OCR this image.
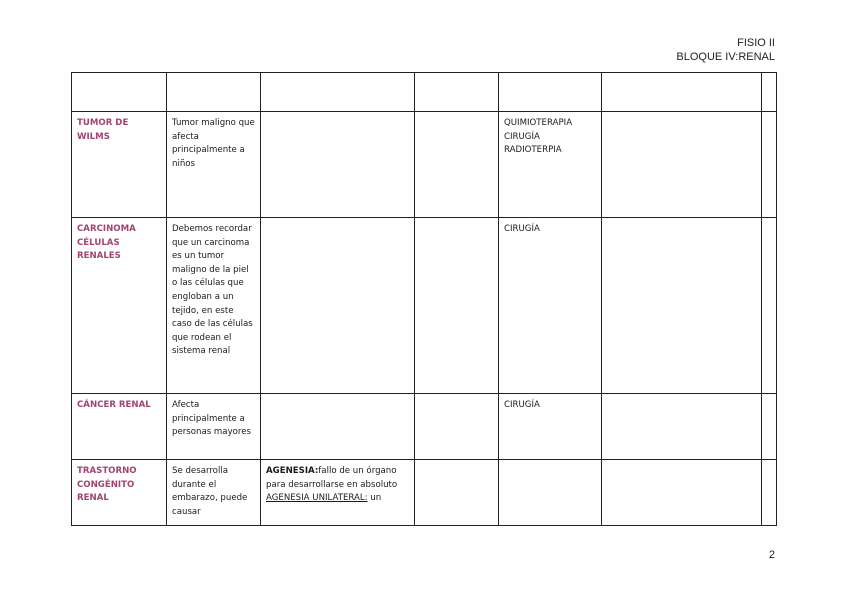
FISIO II
BLOQUE IV:RENAL

TUMOR DE WILMS	Tumor maligno que afecta principalmente a niños			QUIMIOTERAPIA
CIRUGÍA
RADIOTERPIA		

CARCINOMA CÉLULAS RENALES	Debemos recordar que un carcinoma es un tumor maligno de la piel o las células que engloban a un tejido, en este caso de las células que rodean el sistema renal			CIRUGÍA		

CÁNCER RENAL	Afecta principalmente a personas mayores			CIRUGÍA		

TRASTORNO CONGÉNITO RENAL	Se desarrolla durante el embarazo, puede causar	AGENESIA:fallo de un órgano para desarrollarse en absoluto
AGENESIA UNILATERAL: un				
2
